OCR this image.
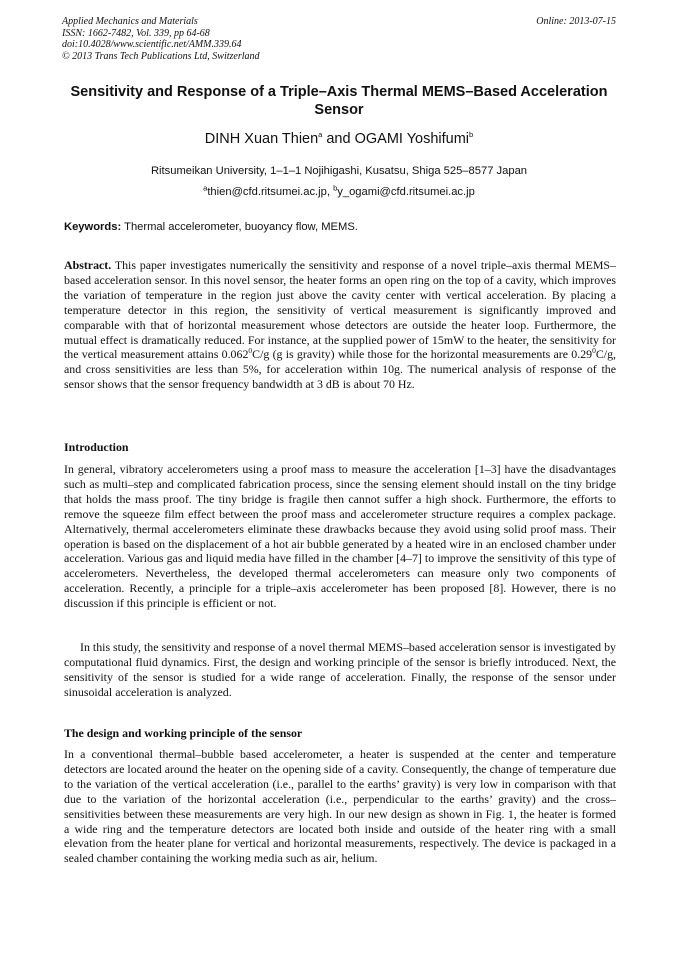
Applied Mechanics and Materials
ISSN: 1662-7482, Vol. 339, pp 64-68
doi:10.4028/www.scientific.net/AMM.339.64
© 2013 Trans Tech Publications Ltd, Switzerland
Online: 2013-07-15
Sensitivity and Response of a Triple–Axis Thermal MEMS–Based Acceleration Sensor
DINH Xuan Thien$^a$ and OGAMI Yoshifumi$^b$
Ritsumeikan University, 1–1–1 Nojihigashi, Kusatsu, Shiga 525–8577 Japan
$^a$thien@cfd.ritsumei.ac.jp, $^b$y_ogami@cfd.ritsumei.ac.jp
Keywords: Thermal accelerometer, buoyancy flow, MEMS.
Abstract. This paper investigates numerically the sensitivity and response of a novel triple–axis thermal MEMS–based acceleration sensor. In this novel sensor, the heater forms an open ring on the top of a cavity, which improves the variation of temperature in the region just above the cavity center with vertical acceleration. By placing a temperature detector in this region, the sensitivity of vertical measurement is significantly improved and comparable with that of horizontal measurement whose detectors are outside the heater loop. Furthermore, the mutual effect is dramatically reduced. For instance, at the supplied power of 15mW to the heater, the sensitivity for the vertical measurement attains 0.062$^0$C/g (g is gravity) while those for the horizontal measurements are 0.29$^0$C/g, and cross sensitivities are less than 5%, for acceleration within 10g. The numerical analysis of response of the sensor shows that the sensor frequency bandwidth at 3 dB is about 70 Hz.
Introduction
In general, vibratory accelerometers using a proof mass to measure the acceleration [1–3] have the disadvantages such as multi–step and complicated fabrication process, since the sensing element should install on the tiny bridge that holds the mass proof. The tiny bridge is fragile then cannot suffer a high shock. Furthermore, the efforts to remove the squeeze film effect between the proof mass and accelerometer structure requires a complex package. Alternatively, thermal accelerometers eliminate these drawbacks because they avoid using solid proof mass. Their operation is based on the displacement of a hot air bubble generated by a heated wire in an enclosed chamber under acceleration. Various gas and liquid media have filled in the chamber [4–7] to improve the sensitivity of this type of accelerometers. Nevertheless, the developed thermal accelerometers can measure only two components of acceleration. Recently, a principle for a triple–axis accelerometer has been proposed [8]. However, there is no discussion if this principle is efficient or not.
In this study, the sensitivity and response of a novel thermal MEMS–based acceleration sensor is investigated by computational fluid dynamics. First, the design and working principle of the sensor is briefly introduced. Next, the sensitivity of the sensor is studied for a wide range of acceleration. Finally, the response of the sensor under sinusoidal acceleration is analyzed.
The design and working principle of the sensor
In a conventional thermal–bubble based accelerometer, a heater is suspended at the center and temperature detectors are located around the heater on the opening side of a cavity. Consequently, the change of temperature due to the variation of the vertical acceleration (i.e., parallel to the earths’ gravity) is very low in comparison with that due to the variation of the horizontal acceleration (i.e., perpendicular to the earths’ gravity) and the cross–sensitivities between these measurements are very high. In our new design as shown in Fig. 1, the heater is formed a wide ring and the temperature detectors are located both inside and outside of the heater ring with a small elevation from the heater plane for vertical and horizontal measurements, respectively. The device is packaged in a sealed chamber containing the working media such as air, helium.
